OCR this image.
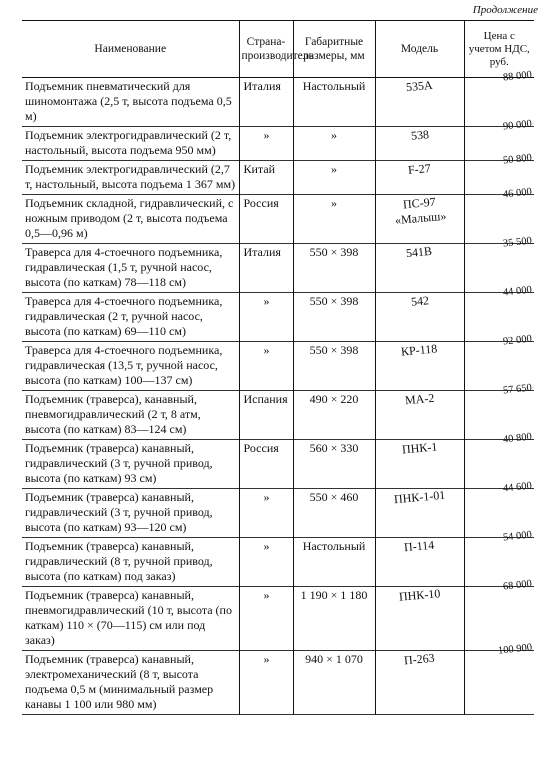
Продолжение
Наименование	Страна-производитель	Габаритные размеры, мм	Модель	Цена с учетом НДС, руб.
Подъемник пневматический для шиномонтажа (2,5 т, высота подъема 0,5 м)	Италия	Настольный	535А	88 000

Подъемник электрогидравлический (2 т, настольный, высота подъема 950 мм)	»	»	538	90 000

Подъемник электрогидравлический (2,7 т, настольный, высота подъема 1 367 мм)	Китай	»	F-27	50 800

Подъемник складной, гидравлический, с ножным приводом (2 т, высота подъема 0,5—0,96 м)	Россия	»	ПС-97 «Малыш»	46 000

Траверса для 4-стоечного подъемника, гидравлическая (1,5 т, ручной насос, высота (по каткам) 78—118 см)	Италия	550 × 398	541В	35 500

Траверса для 4-стоечного подъемника, гидравлическая (2 т, ручной насос, высота (по каткам) 69—110 см)	»	550 × 398	542	44 000

Траверса для 4-стоечного подъемника, гидравлическая (13,5 т, ручной насос, высота (по каткам) 100—137 см)	»	550 × 398	КР-118	92 000

Подъемник (траверса), канавный, пневмогидравлический (2 т, 8 атм, высота (по каткам) 83—124 см)	Испания	490 × 220	МА-2	57 650

Подъемник (траверса) канавный, гидравлический (3 т, ручной привод, высота (по каткам) 93 см)	Россия	560 × 330	ПНК-1	40 800

Подъемник (траверса) канавный, гидравлический (3 т, ручной привод, высота (по каткам) 93—120 см)	»	550 × 460	ПНК-1-01	44 600

Подъемник (траверса) канавный, гидравлический (8 т, ручной привод, высота (по каткам) под заказ)	»	Настольный	П-114	54 000

Подъемник (траверса) канавный, пневмогидравлический (10 т, высота (по каткам) 110 × (70—115) см или под заказ)	»	1 190 × 1 180	ПНК-10	68 000

Подъемник (траверса) канавный, электромеханический (8 т, высота подъема 0,5 м (минимальный размер канавы 1 100 или 980 мм)	»	940 × 1 070	П-263	100 900
